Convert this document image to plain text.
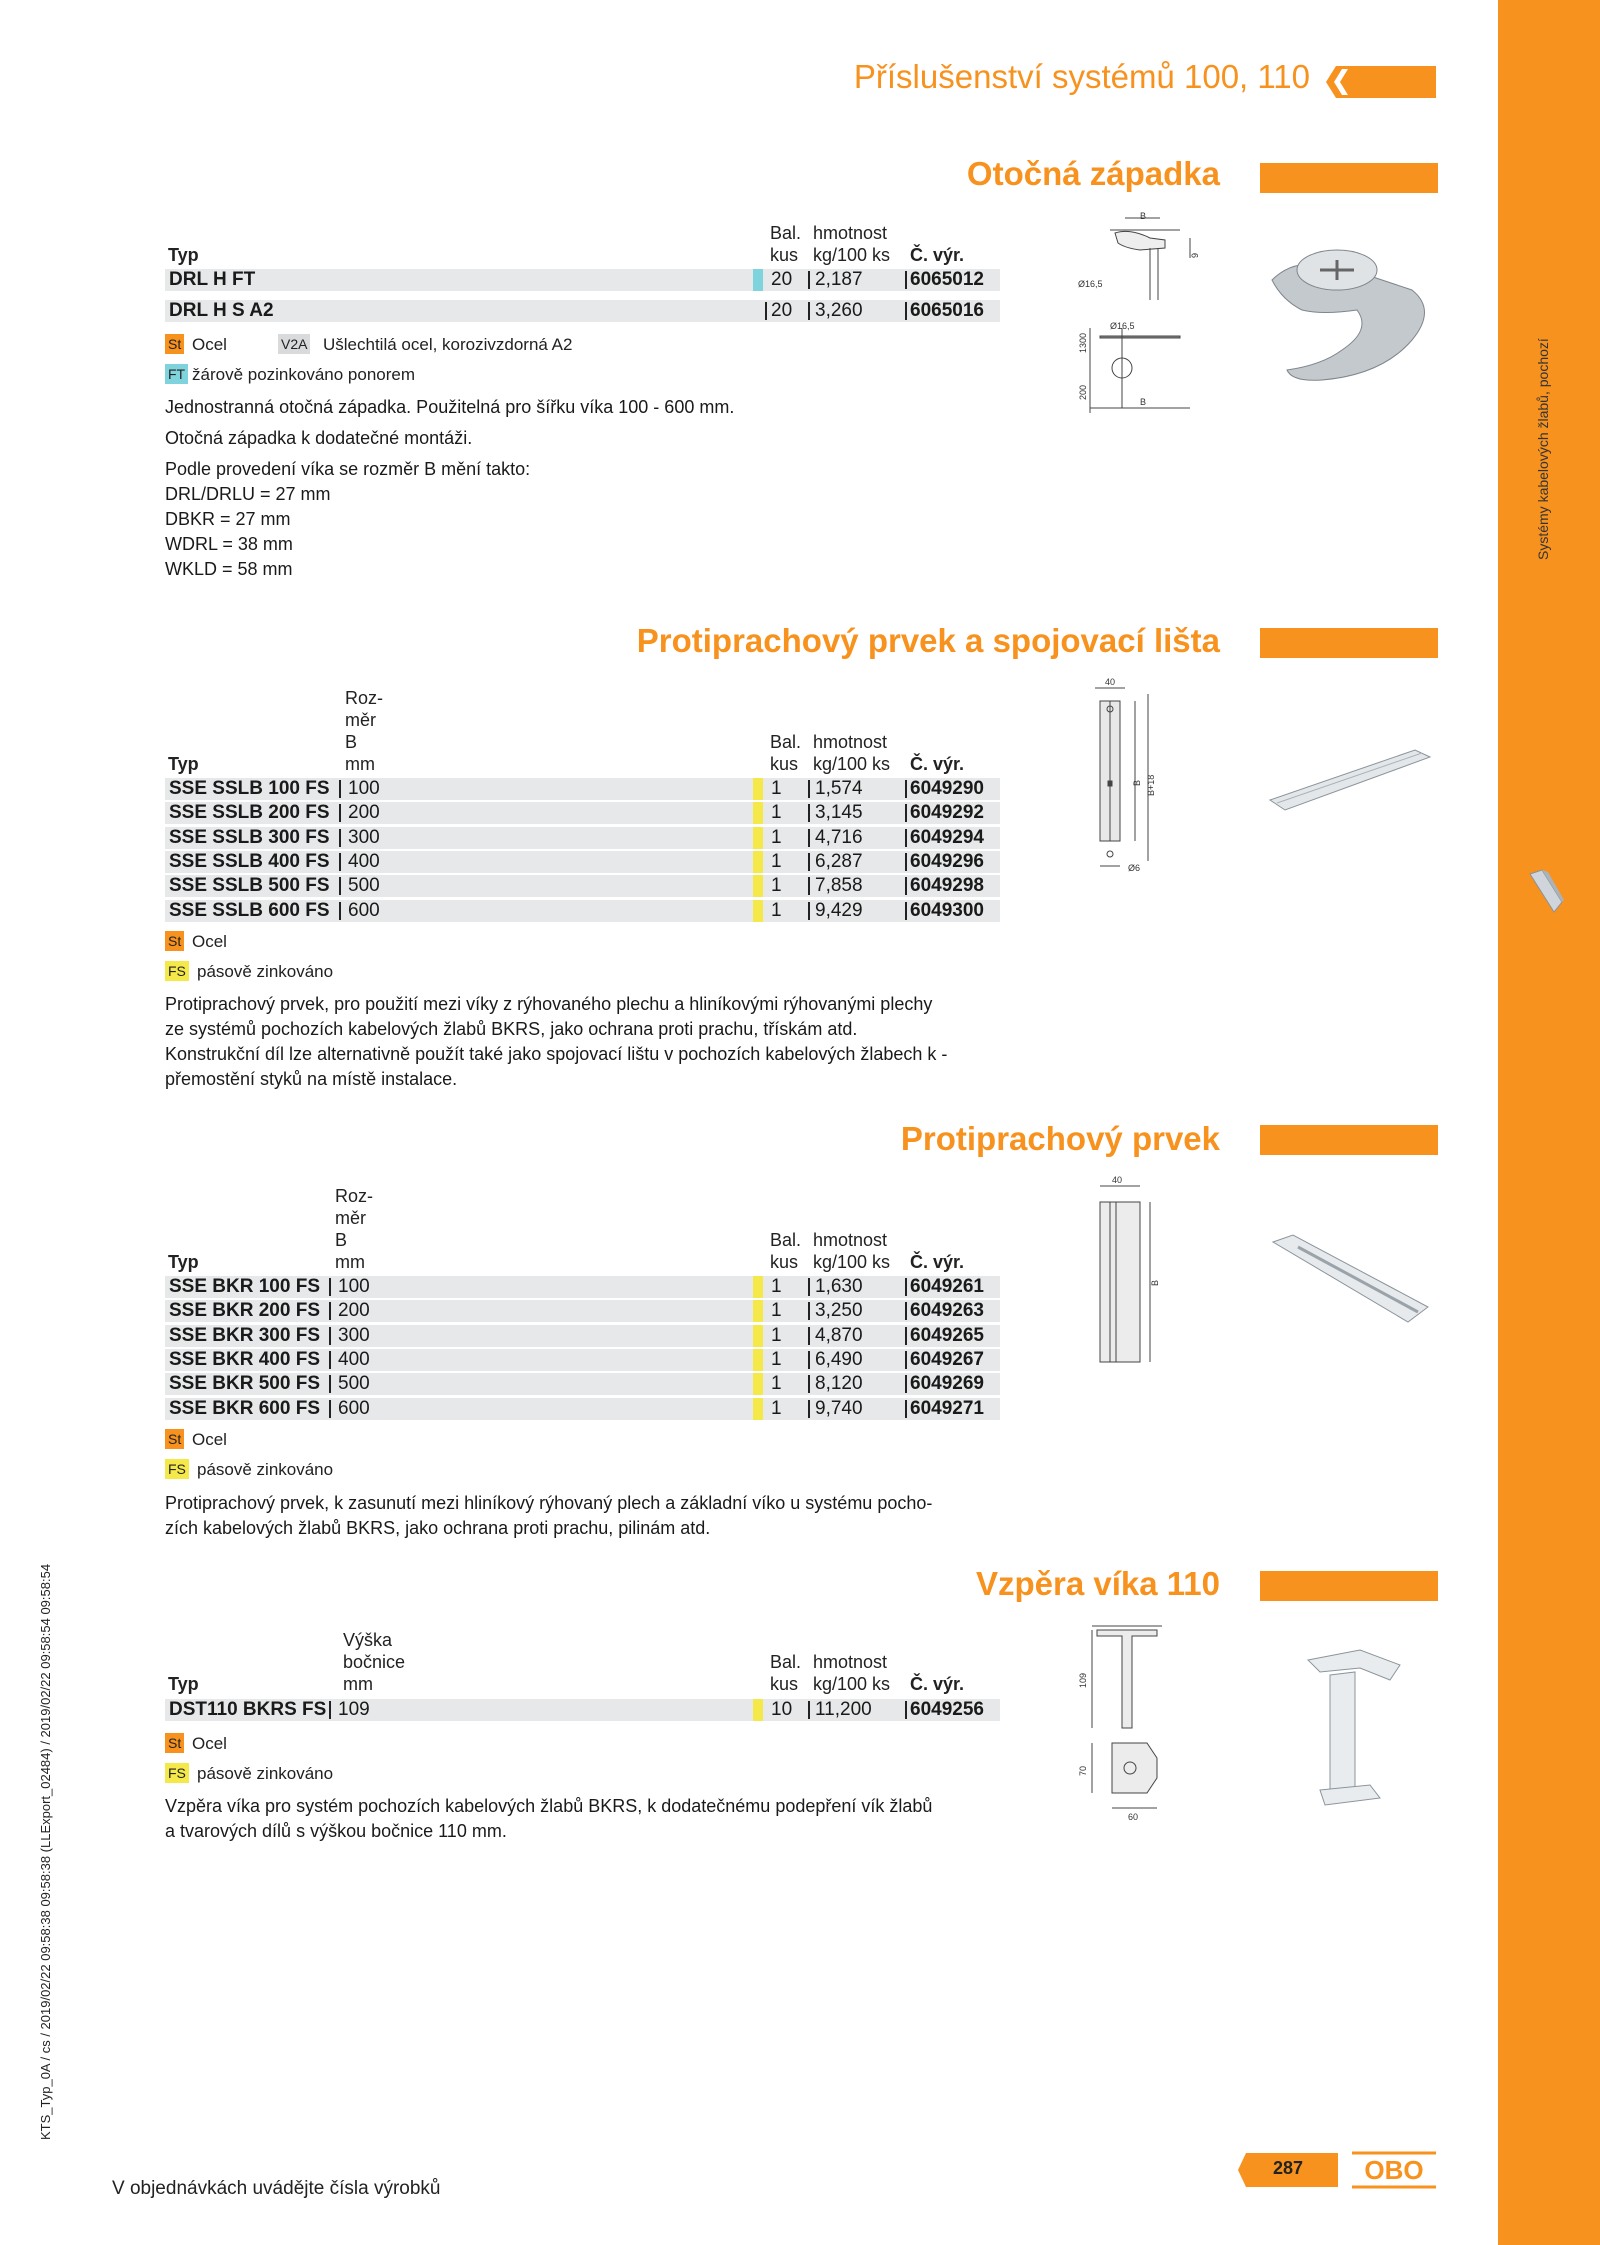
Systémy kabelových žlabů, pochozí
KTS_Typ_0A / cs / 2019/02/22 09:58:38 09:58:38 (LLExport_02484) / 2019/02/22 09:58:54 09:58:54
Příslušenství systémů 100, 110
Otočná západka
Typ
Bal.
kus
hmotnost
kg/100 ks Č. výr.
DRL H FT	20 2,187 6065012
DRL H S A2	20 3,260 6065016
St Ocel	V2A Ušlechtilá ocel, korozivzdorná A2
FT žárově pozinkováno ponorem
Jednostranná otočná západka. Použitelná pro šířku víka 100 - 600 mm.
Otočná západka k dodatečné montáži.
Podle provedení víka se rozměr B mění takto:
DRL/DRLU = 27 mm
DBKR = 27 mm
WDRL = 38 mm
WKLD = 58 mm
B
Ø16,5
Ø16,5
9
1300
200
B
Protiprachový prvek a spojovací lišta
Roz-
měr
B
mm
Typ
Bal.
kus
hmotnost
kg/100 ks Č. výr.
SSE SSLB 100 FS 100	1 1,574 6049290
SSE SSLB 200 FS 200	1 3,145 6049292
SSE SSLB 300 FS 300	1 4,716 6049294
SSE SSLB 400 FS 400	1 6,287 6049296
SSE SSLB 500 FS 500	1 7,858 6049298
SSE SSLB 600 FS 600	1 9,429 6049300
St Ocel
FS pásově zinkováno
Protiprachový prvek, pro použití mezi víky z rýhovaného plechu a hliníkovými rýhovanými plechy
ze systémů pochozích kabelových žlabů BKRS, jako ochrana proti prachu, třískám atd.
Konstrukční díl lze alternativně použít také jako spojovací lištu v pochozích kabelových žlabech k -
přemostění styků na místě instalace.
40
B B+18
Ø6
Protiprachový prvek
Roz-
měr
B
mm
Typ
Bal.
kus
hmotnost
kg/100 ks Č. výr.
SSE BKR 100 FS 100	1 1,630 6049261
SSE BKR 200 FS 200	1 3,250 6049263
SSE BKR 300 FS 300	1 4,870 6049265
SSE BKR 400 FS 400	1 6,490 6049267
SSE BKR 500 FS 500	1 8,120 6049269
SSE BKR 600 FS 600	1 9,740 6049271
St Ocel
FS pásově zinkováno
Protiprachový prvek, k zasunutí mezi hliníkový rýhovaný plech a základní víko u systému pocho-
zích kabelových žlabů BKRS, jako ochrana proti prachu, pilinám atd.
40
B
Vzpěra víka 110
Výška
bočnice
mm
Typ
Bal.
kus
hmotnost
kg/100 ks Č. výr.
DST110 BKRS FS 109	10 11,200 6049256
St Ocel
FS pásově zinkováno
Vzpěra víka pro systém pochozích kabelových žlabů BKRS, k dodatečnému podepření vík žlabů
a tvarových dílů s výškou bočnice 110 mm.
109
70
60
V objednávkách uvádějte čísla výrobků
287	OBO
